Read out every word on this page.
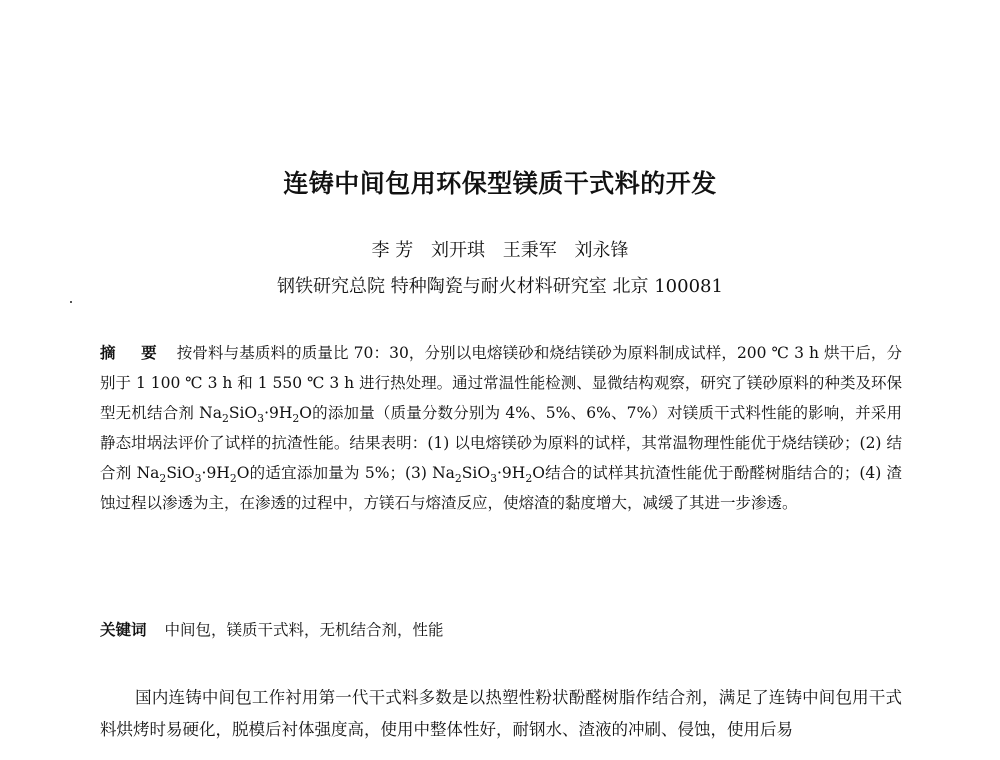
连铸中间包用环保型镁质干式料的开发
李 芳 刘开琪 王秉军 刘永锋
钢铁研究总院 特种陶瓷与耐火材料研究室 北京 100081
摘 要 按骨料与基质料的质量比 70：30，分别以电熔镁砂和烧结镁砂为原料制成试样，200 ℃ 3 h 烘干后，分别于 1 100 ℃ 3 h 和 1 550 ℃ 3 h 进行热处理。通过常温性能检测、显微结构观察，研究了镁砂原料的种类及环保型无机结合剂 $Na_2SiO_3\cdot 9H_2O$的添加量（质量分数分别为 4%、5%、6%、7%）对镁质干式料性能的影响，并采用静态坩埚法评价了试样的抗渣性能。结果表明：(1) 以电熔镁砂为原料的试样，其常温物理性能优于烧结镁砂；(2) 结合剂 $Na_2SiO_3\cdot 9H_2O$的适宜添加量为 5%；(3) $Na_2SiO_3\cdot 9H_2O$结合的试样其抗渣性能优于酚醛树脂结合的；(4) 渣蚀过程以渗透为主，在渗透的过程中，方镁石与熔渣反应，使熔渣的黏度增大，减缓了其进一步渗透。
关键词 中间包，镁质干式料，无机结合剂，性能
国内连铸中间包工作衬用第一代干式料多数是以热塑性粉状酚醛树脂作结合剂，满足了连铸中间包用干式料烘烤时易硬化，脱模后衬体强度高，使用中整体性好，耐钢水、渣液的冲刷、侵蚀，使用后易
